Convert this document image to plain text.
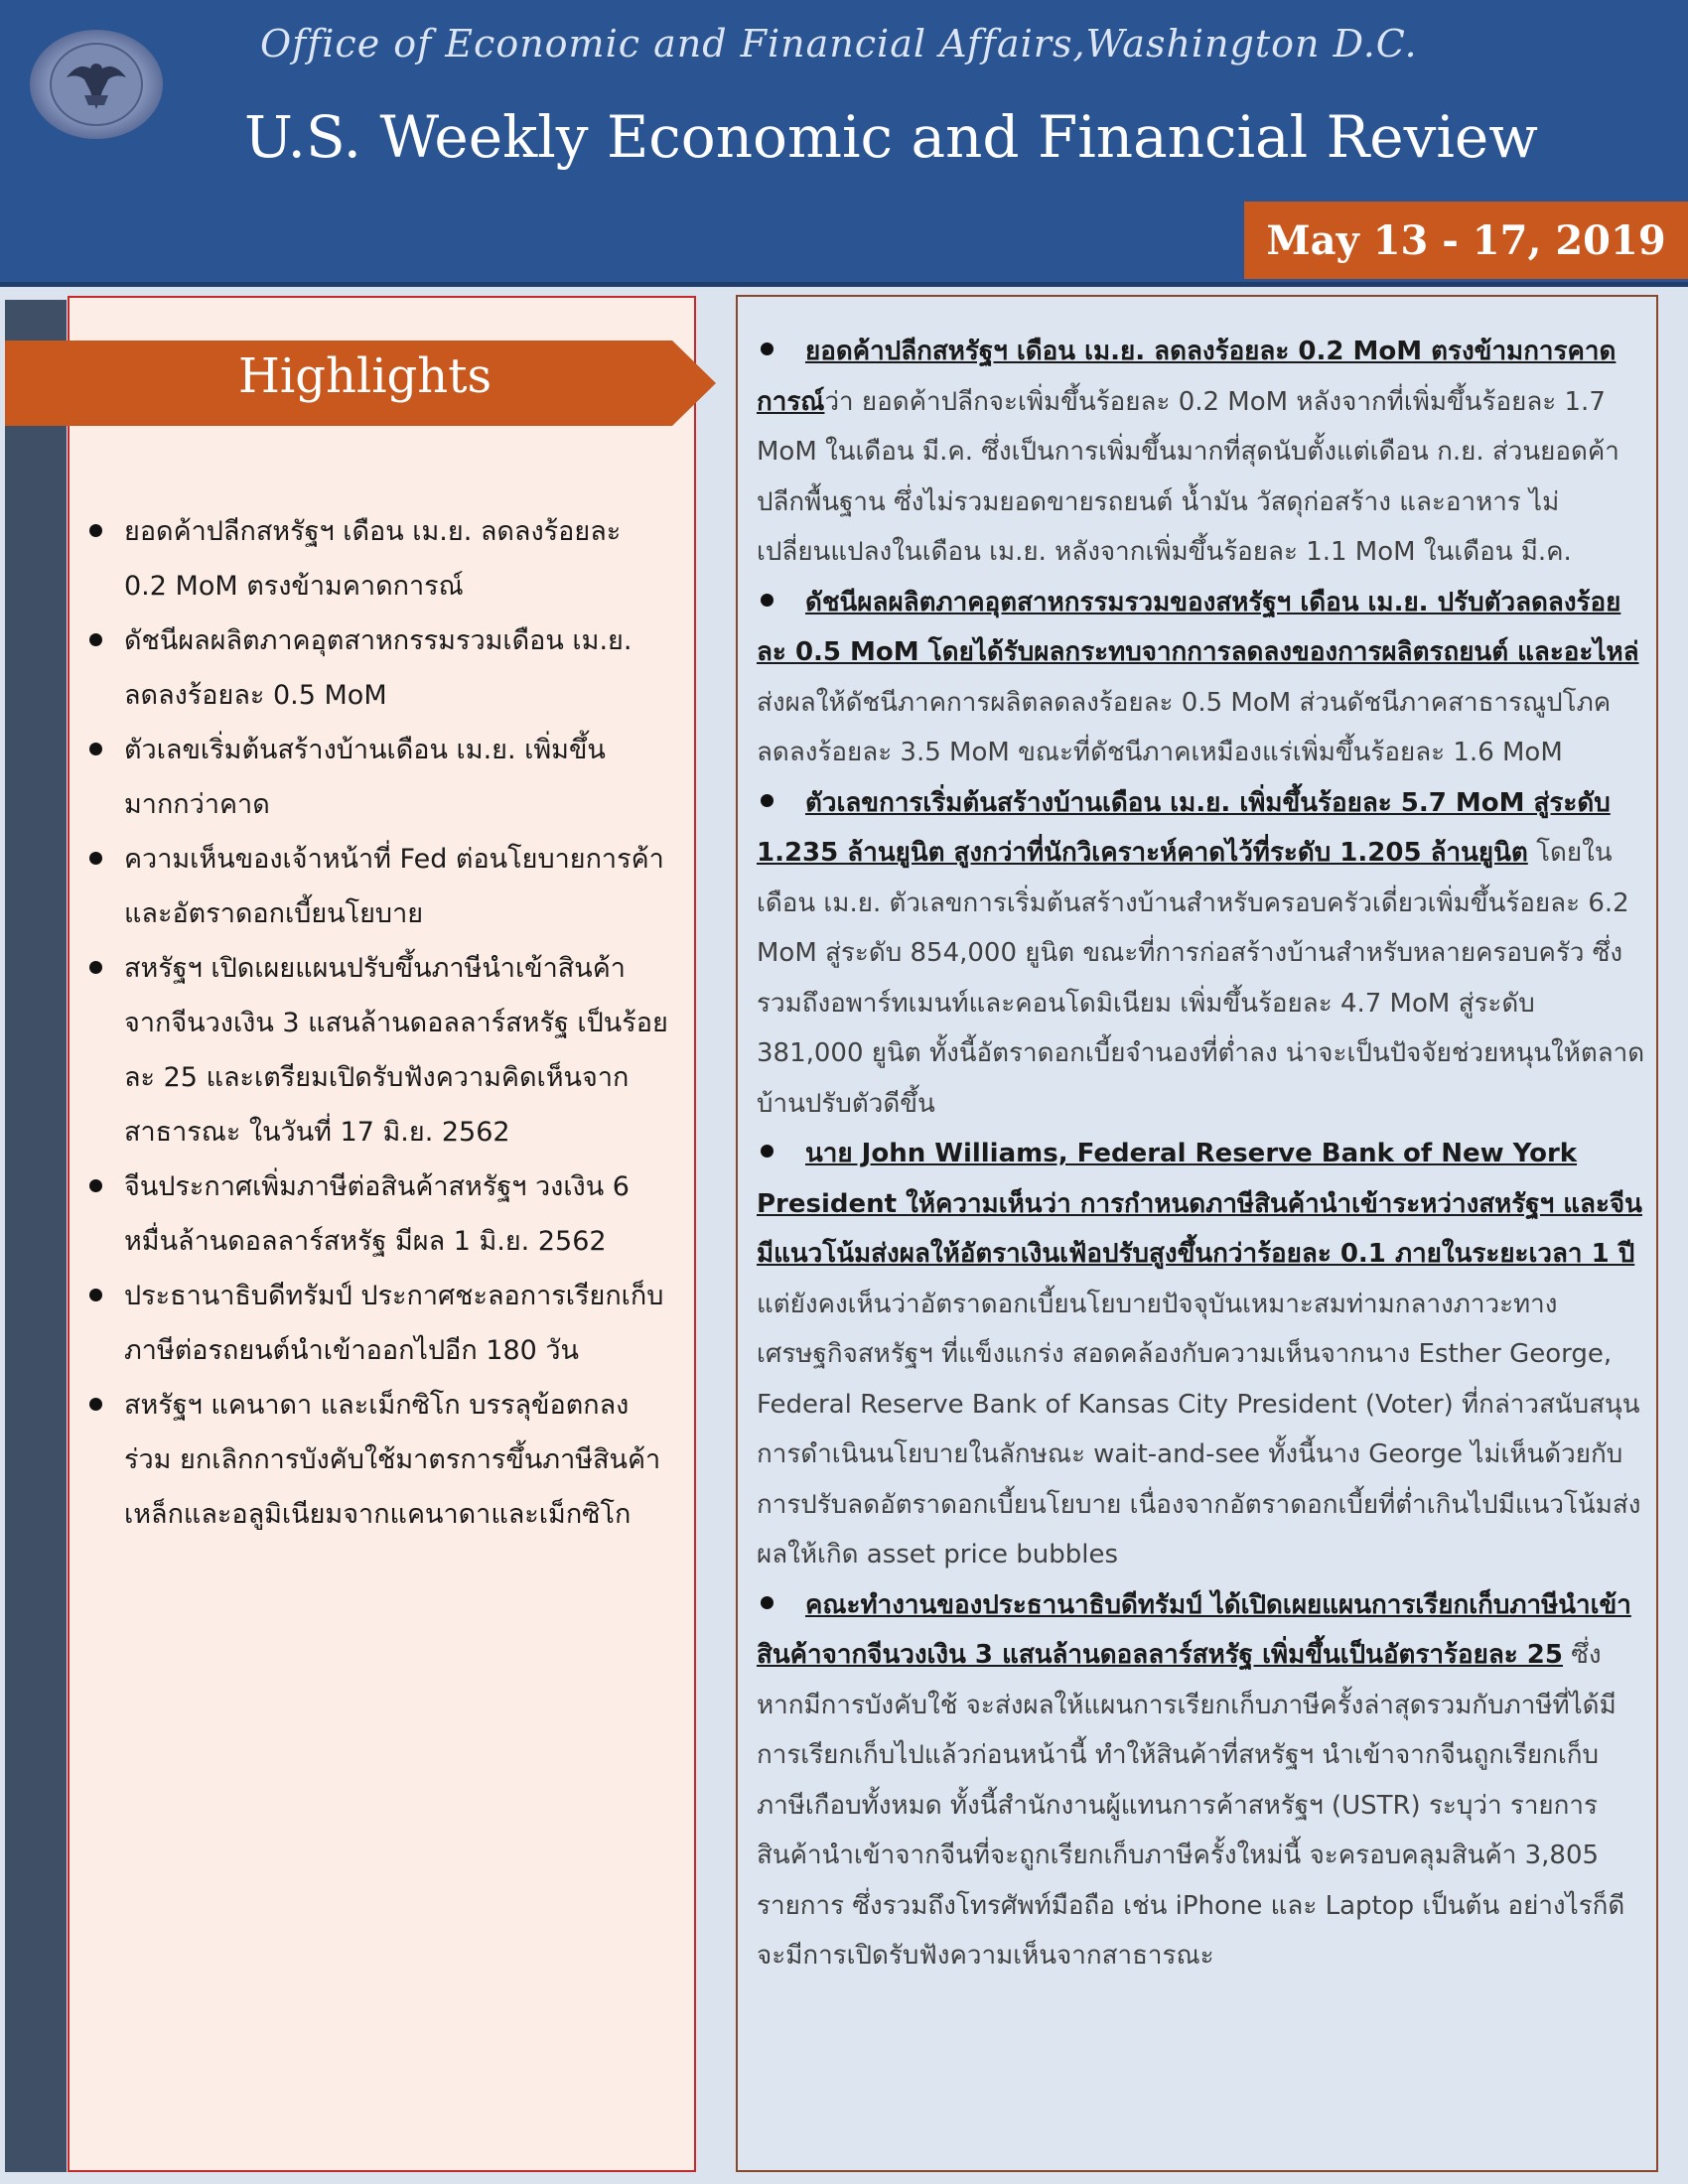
Office of Economic and Financial Affairs,Washington D.C.
U.S. Weekly Economic and Financial Review
May 13 - 17, 2019
Highlights
ยอดค้าปลีกสหรัฐฯ เดือน เม.ย. ลดลงร้อยละ 0.2 MoM ตรงข้ามคาดการณ์
ดัชนีผลผลิตภาคอุตสาหกรรมรวมเดือน เม.ย. ลดลงร้อยละ 0.5 MoM
ตัวเลขเริ่มต้นสร้างบ้านเดือน เม.ย. เพิ่มขึ้นมากกว่าคาด
ความเห็นของเจ้าหน้าที่ Fed ต่อนโยบายการค้าและอัตราดอกเบี้ยนโยบาย
สหรัฐฯ เปิดเผยแผนปรับขึ้นภาษีนำเข้าสินค้าจากจีนวงเงิน 3 แสนล้านดอลลาร์สหรัฐ เป็นร้อยละ 25 และเตรียมเปิดรับฟังความคิดเห็นจากสาธารณะ ในวันที่ 17 มิ.ย. 2562
จีนประกาศเพิ่มภาษีต่อสินค้าสหรัฐฯ วงเงิน 6 หมื่นล้านดอลลาร์สหรัฐ มีผล 1 มิ.ย. 2562
ประธานาธิบดีทรัมป์ ประกาศชะลอการเรียกเก็บภาษีต่อรถยนต์นำเข้าออกไปอีก 180 วัน
สหรัฐฯ แคนาดา และเม็กซิโก บรรลุข้อตกลงร่วม ยกเลิกการบังคับใช้มาตรการขึ้นภาษีสินค้าเหล็กและอลูมิเนียมจากแคนาดาและเม็กซิโก

ยอดค้าปลีกสหรัฐฯ เดือน เม.ย. ลดลงร้อยละ 0.2 MoM ตรงข้ามการคาดการณ์ว่า ยอดค้าปลีกจะเพิ่มขึ้นร้อยละ 0.2 MoM หลังจากที่เพิ่มขึ้นร้อยละ 1.7 MoM ในเดือน มี.ค. ซึ่งเป็นการเพิ่มขึ้นมากที่สุดนับตั้งแต่เดือน ก.ย. ส่วนยอดค้าปลีกพื้นฐาน ซึ่งไม่รวมยอดขายรถยนต์ น้ำมัน วัสดุก่อสร้าง และอาหาร ไม่เปลี่ยนแปลงในเดือน เม.ย. หลังจากเพิ่มขึ้นร้อยละ 1.1 MoM ในเดือน มี.ค.

ดัชนีผลผลิตภาคอุตสาหกรรมรวมของสหรัฐฯ เดือน เม.ย. ปรับตัวลดลงร้อยละ 0.5 MoM โดยได้รับผลกระทบจากการลดลงของการผลิตรถยนต์ และอะไหล่ ส่งผลให้ดัชนีภาคการผลิตลดลงร้อยละ 0.5 MoM ส่วนดัชนีภาคสาธารณูปโภค ลดลงร้อยละ 3.5 MoM ขณะที่ดัชนีภาคเหมืองแร่เพิ่มขึ้นร้อยละ 1.6 MoM

ตัวเลขการเริ่มต้นสร้างบ้านเดือน เม.ย. เพิ่มขึ้นร้อยละ 5.7 MoM สู่ระดับ 1.235 ล้านยูนิต สูงกว่าที่นักวิเคราะห์คาดไว้ที่ระดับ 1.205 ล้านยูนิต โดยในเดือน เม.ย. ตัวเลขการเริ่มต้นสร้างบ้านสำหรับครอบครัวเดี่ยวเพิ่มขึ้นร้อยละ 6.2 MoM สู่ระดับ 854,000 ยูนิต ขณะที่การก่อสร้างบ้านสำหรับหลายครอบครัว ซึ่งรวมถึงอพาร์ทเมนท์และคอนโดมิเนียม เพิ่มขึ้นร้อยละ 4.7 MoM สู่ระดับ 381,000 ยูนิต ทั้งนี้อัตราดอกเบี้ยจำนองที่ต่ำลง น่าจะเป็นปัจจัยช่วยหนุนให้ตลาดบ้านปรับตัวดีขึ้น

นาย John Williams, Federal Reserve Bank of New York President ให้ความเห็นว่า การกำหนดภาษีสินค้านำเข้าระหว่างสหรัฐฯ และจีน มีแนวโน้มส่งผลให้อัตราเงินเฟ้อปรับสูงขึ้นกว่าร้อยละ 0.1 ภายในระยะเวลา 1 ปี แต่ยังคงเห็นว่าอัตราดอกเบี้ยนโยบายปัจจุบันเหมาะสมท่ามกลางภาวะทางเศรษฐกิจสหรัฐฯ ที่แข็งแกร่ง สอดคล้องกับความเห็นจากนาง Esther George, Federal Reserve Bank of Kansas City President (Voter) ที่กล่าวสนับสนุนการดำเนินนโยบายในลักษณะ wait-and-see ทั้งนี้นาง George ไม่เห็นด้วยกับการปรับลดอัตราดอกเบี้ยนโยบาย เนื่องจากอัตราดอกเบี้ยที่ต่ำเกินไปมีแนวโน้มส่งผลให้เกิด asset price bubbles

คณะทำงานของประธานาธิบดีทรัมป์ ได้เปิดเผยแผนการเรียกเก็บภาษีนำเข้าสินค้าจากจีนวงเงิน 3 แสนล้านดอลลาร์สหรัฐ เพิ่มขึ้นเป็นอัตราร้อยละ 25 ซึ่งหากมีการบังคับใช้ จะส่งผลให้แผนการเรียกเก็บภาษีครั้งล่าสุดรวมกับภาษีที่ได้มีการเรียกเก็บไปแล้วก่อนหน้านี้ ทำให้สินค้าที่สหรัฐฯ นำเข้าจากจีนถูกเรียกเก็บภาษีเกือบทั้งหมด ทั้งนี้สำนักงานผู้แทนการค้าสหรัฐฯ (USTR) ระบุว่า รายการสินค้านำเข้าจากจีนที่จะถูกเรียกเก็บภาษีครั้งใหม่นี้ จะครอบคลุมสินค้า 3,805 รายการ ซึ่งรวมถึงโทรศัพท์มือถือ เช่น iPhone และ Laptop เป็นต้น อย่างไรก็ดี จะมีการเปิดรับฟังความเห็นจากสาธารณะ
